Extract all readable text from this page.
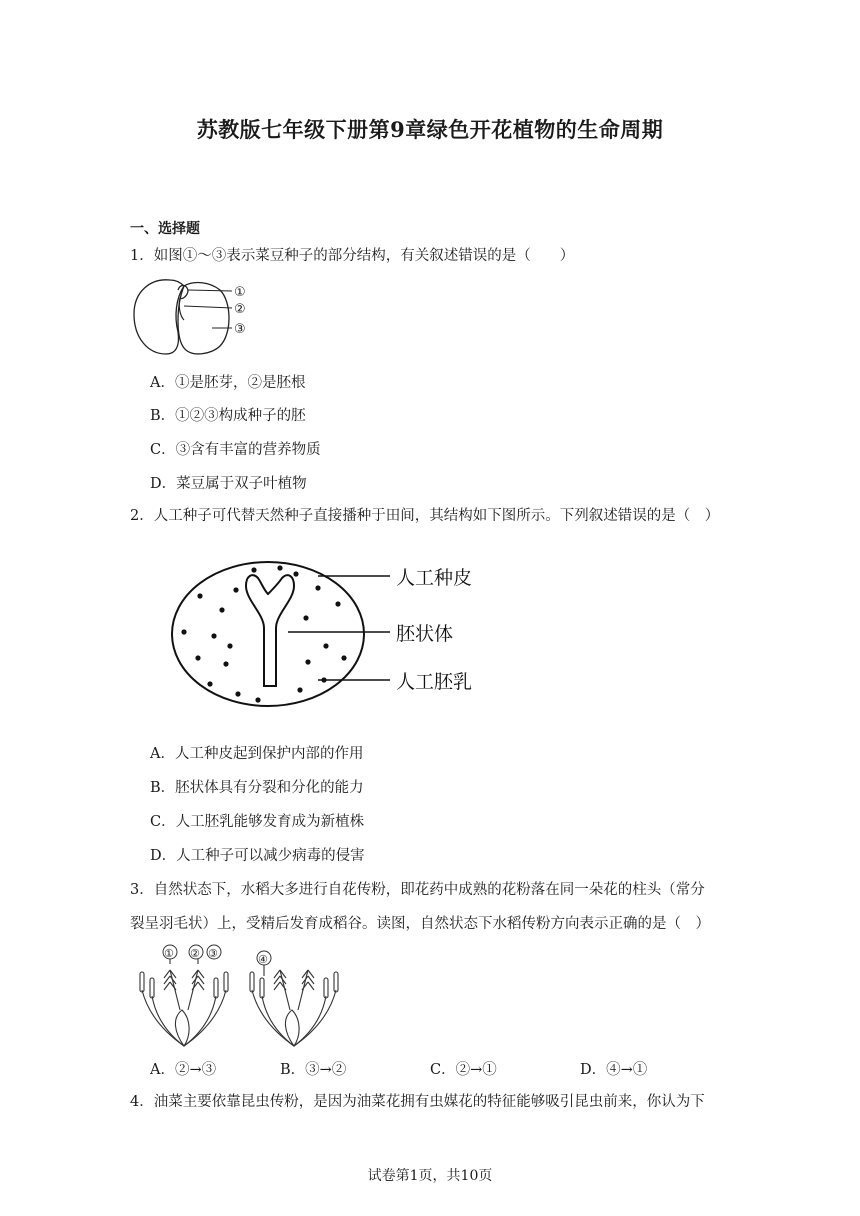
苏教版七年级下册第9章绿色开花植物的生命周期
一、选择题
1．如图①～③表示菜豆种子的部分结构，有关叙述错误的是（　　）
①
②
③
A．①是胚芽，②是胚根
B．①②③构成种子的胚
C．③含有丰富的营养物质
D．菜豆属于双子叶植物
2．人工种子可代替天然种子直接播种于田间，其结构如下图所示。下列叙述错误的是（　）
人工种皮
胚状体
人工胚乳
A．人工种皮起到保护内部的作用
B．胚状体具有分裂和分化的能力
C．人工胚乳能够发育成为新植株
D．人工种子可以减少病毒的侵害
3．自然状态下，水稻大多进行自花传粉，即花药中成熟的花粉落在同一朵花的柱头（常分
裂呈羽毛状）上，受精后发育成稻谷。读图，自然状态下水稻传粉方向表示正确的是（　）
① ② ③	④
A．②→③	B．③→②	C．②→①	D．④→①
4．油菜主要依靠昆虫传粉，是因为油菜花拥有虫媒花的特征能够吸引昆虫前来，你认为下
试卷第1页，共10页
